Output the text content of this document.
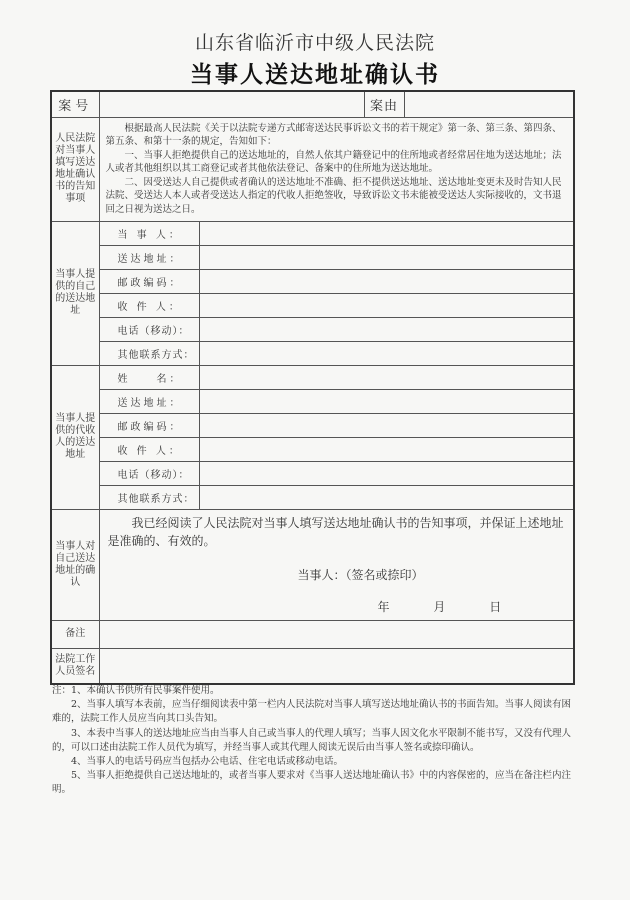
山东省临沂市中级人民法院
当事人送达地址确认书
案号			案由	
人民法院对当事人填写送达地址确认书的告知事项	根据最高人民法院《关于以法院专递方式邮寄送达民事诉讼文书的若干规定》第一条、第三条、第四条、第五条、和第十一条的规定，告知如下：

一、当事人拒绝提供自己的送达地址的，自然人依其户籍登记中的住所地或者经常居住地为送达地址；法人或者其他组织以其工商登记或者其他依法登记、备案中的住所地为送达地址。

二、因受送达人自己提供或者确认的送达地址不准确、拒不提供送达地址、送达地址变更未及时告知人民法院、受送达人本人或者受送达人指定的代收人拒绝签收，导致诉讼文书未能被受送达人实际接收的，文书退回之日视为送达之日。			

当事人提供的自己的送达地址	当 事 人：			
	送达地址：			
	邮政编码：			
	收 件 人：			
	电话（移动）：			
	其他联系方式：			
当事人提供的代收人的送达地址	姓　　名：			
	送达地址：			
	邮政编码：			
	收 件 人：			
	电话（移动）：			
	其他联系方式：			
当事人对自己送达地址的确认	我已经阅读了人民法院对当事人填写送达地址确认书的告知事项，并保证上述地址是准确的、有效的。

当事人：（签名或捺印）

年 月 日			

备注				
法院工作人员签名				

注：1、本确认书供所有民事案件使用。

2、当事人填写本表前，应当仔细阅读表中第一栏内人民法院对当事人填写送达地址确认书的书面告知。当事人阅读有困难的，法院工作人员应当向其口头告知。

3、本表中当事人的送达地址应当由当事人自己或当事人的代理人填写；当事人因文化水平限制不能书写，又没有代理人的，可以口述由法院工作人员代为填写，并经当事人或其代理人阅读无误后由当事人签名或捺印确认。

4、当事人的电话号码应当包括办公电话、住宅电话或移动电话。

5、当事人拒绝提供自己送达地址的，或者当事人要求对《当事人送达地址确认书》中的内容保密的，应当在备注栏内注明。
